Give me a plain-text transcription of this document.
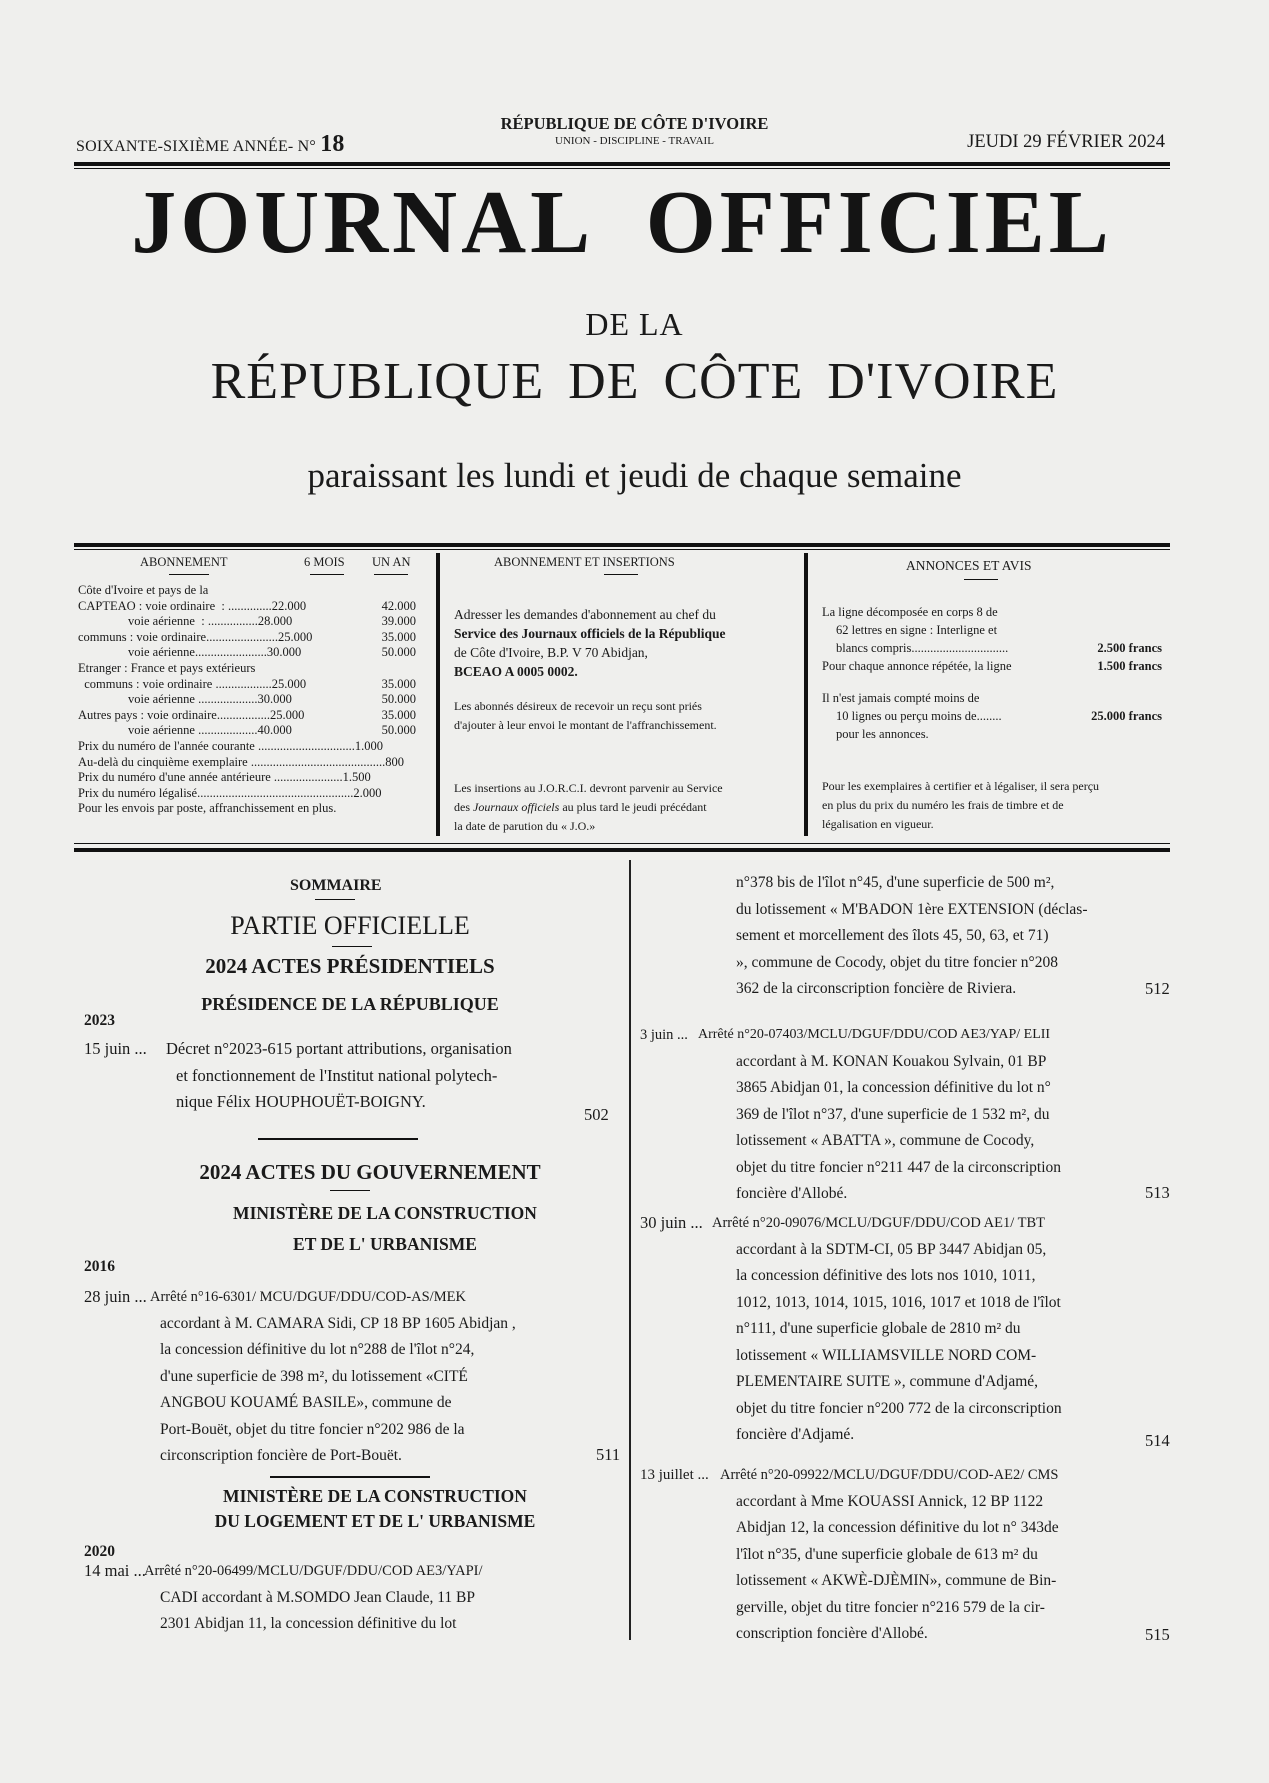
SOIXANTE-SIXIÈME ANNÉE- N° 18
RÉPUBLIQUE DE CÔTE D'IVOIRE
UNION - DISCIPLINE - TRAVAIL	JEUDI 29 FÉVRIER 2024
JOURNAL OFFICIEL
DE LA
RÉPUBLIQUE DE CÔTE D'IVOIRE
paraissant les lundi et jeudi de chaque semaine
ABONNEMENT	6 MOIS UN AN
Côte d'Ivoire et pays de la
CAPTEAO : voie ordinaire  : ..............22.000	42.000
voie aérienne  : ................28.000	39.000
communs : voie ordinaire.......................25.000	35.000
voie aérienne.......................30.000	50.000
Etranger : France et pays extérieurs
communs : voie ordinaire ..................25.000	35.000
voie aérienne ...................30.000	50.000
Autres pays : voie ordinaire.................25.000	35.000
voie aérienne ...................40.000	50.000
Prix du numéro de l'année courante ...............................1.000
Au-delà du cinquième exemplaire ...........................................800
Prix du numéro d'une année antérieure ......................1.500
Prix du numéro légalisé..................................................2.000
Pour les envois par poste, affranchissement en plus.
ABONNEMENT ET INSERTIONS
Adresser les demandes d'abonnement au chef du
Service des Journaux officiels de la République
de Côte d'Ivoire, B.P. V 70 Abidjan,
BCEAO A 0005 0002.
Les abonnés désireux de recevoir un reçu sont priés
d'ajouter à leur envoi le montant de l'affranchissement.
Les insertions au J.O.R.C.I. devront parvenir au Service
des Journaux officiels au plus tard le jeudi précédant
la date de parution du « J.O.»
ANNONCES ET AVIS
La ligne décomposée en corps 8 de
62 lettres en signe : Interligne et
blancs compris...............................	2.500 francs
Pour chaque annonce répétée, la ligne	1.500 francs
Il n'est jamais compté moins de
10 lignes ou perçu moins de........	25.000 francs
pour les annonces.
Pour les exemplaires à certifier et à légaliser, il sera perçu
en plus du prix du numéro les frais de timbre et de
légalisation en vigueur.
SOMMAIRE
PARTIE OFFICIELLE
2024 ACTES PRÉSIDENTIELS
PRÉSIDENCE DE LA RÉPUBLIQUE
2023
15 juin ... Décret n°2023-615 portant attributions, organisation
et fonctionnement de l'Institut national polytech-
nique Félix HOUPHOUËT-BOIGNY.
502
2024 ACTES DU GOUVERNEMENT
MINISTÈRE DE LA CONSTRUCTION
ET DE L' URBANISME
2016
28 juin ... Arrêté n°16-6301/ MCU/DGUF/DDU/COD-AS/MEK
accordant à M. CAMARA Sidi, CP 18 BP 1605 Abidjan ,
la concession définitive du lot n°288 de l'îlot n°24,
d'une superficie de 398 m², du lotissement «CITÉ
ANGBOU KOUAMÉ BASILE», commune de
Port-Bouët, objet du titre foncier n°202 986 de la
circonscription foncière de Port-Bouët.	511
MINISTÈRE DE LA CONSTRUCTION
DU LOGEMENT ET DE L' URBANISME
2020
14 mai ...
Arrêté n°20-06499/MCLU/DGUF/DDU/COD AE3/YAPI/
CADI accordant à M.SOMDO Jean Claude, 11 BP
2301 Abidjan 11, la concession définitive du lot
n°378 bis de l'îlot n°45, d'une superficie de 500 m²,
du lotissement « M'BADON 1ère EXTENSION (déclas-
sement et morcellement des îlots 45, 50, 63, et 71)
», commune de Cocody, objet du titre foncier n°208
362 de la circonscription foncière de Riviera.	512
3 juin ... Arrêté n°20-07403/MCLU/DGUF/DDU/COD AE3/YAP/ ELII
accordant à M. KONAN Kouakou Sylvain, 01 BP
3865 Abidjan 01, la concession définitive du lot n°
369 de l'îlot n°37, d'une superficie de 1 532 m², du
lotissement « ABATTA », commune de Cocody,
objet du titre foncier n°211 447 de la circonscription
foncière d'Allobé.	513
30 juin ... Arrêté n°20-09076/MCLU/DGUF/DDU/COD AE1/ TBT
accordant à la SDTM-CI, 05 BP 3447 Abidjan 05,
la concession définitive des lots nos 1010, 1011,
1012, 1013, 1014, 1015, 1016, 1017 et 1018 de l'îlot
n°111, d'une superficie globale de 2810 m² du
lotissement « WILLIAMSVILLE NORD COM-
PLEMENTAIRE SUITE », commune d'Adjamé,
objet du titre foncier n°200 772 de la circonscription
foncière d'Adjamé.	514
13 juillet ... Arrêté n°20-09922/MCLU/DGUF/DDU/COD-AE2/ CMS
accordant à Mme KOUASSI Annick, 12 BP 1122
Abidjan 12, la concession définitive du lot n° 343de
l'îlot n°35, d'une superficie globale de 613 m² du
lotissement « AKWÈ-DJÈMIN», commune de Bin-
gerville, objet du titre foncier n°216 579 de la cir-
conscription foncière d'Allobé.	515
